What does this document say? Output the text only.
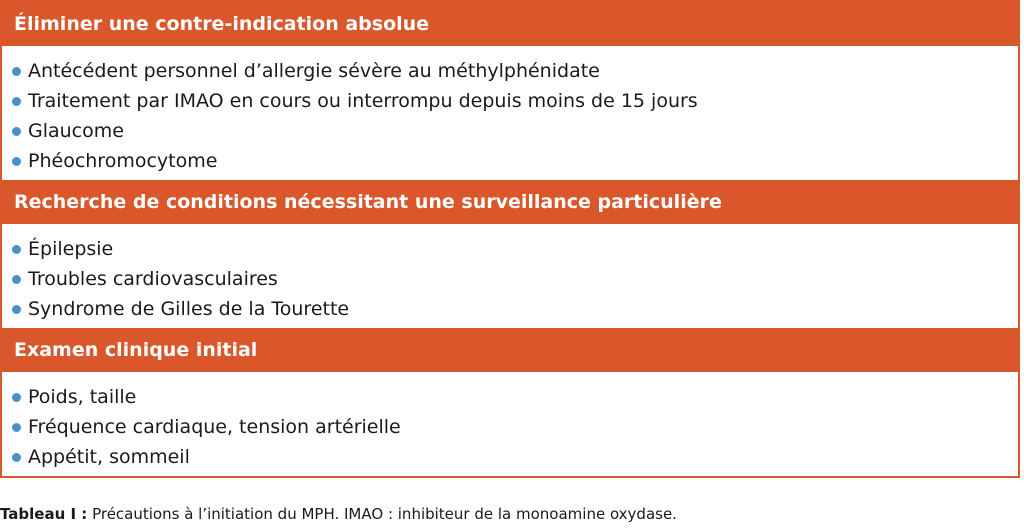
Éliminer une contre-indication absolue
Antécédent personnel d’allergie sévère au méthylphénidate
Traitement par IMAO en cours ou interrompu depuis moins de 15 jours
Glaucome
Phéochromocytome
Recherche de conditions nécessitant une surveillance particulière
Épilepsie
Troubles cardiovasculaires
Syndrome de Gilles de la Tourette
Examen clinique initial
Poids, taille
Fréquence cardiaque, tension artérielle
Appétit, sommeil
Tableau I : Précautions à l’initiation du MPH. IMAO : inhibiteur de la monoamine oxydase.
